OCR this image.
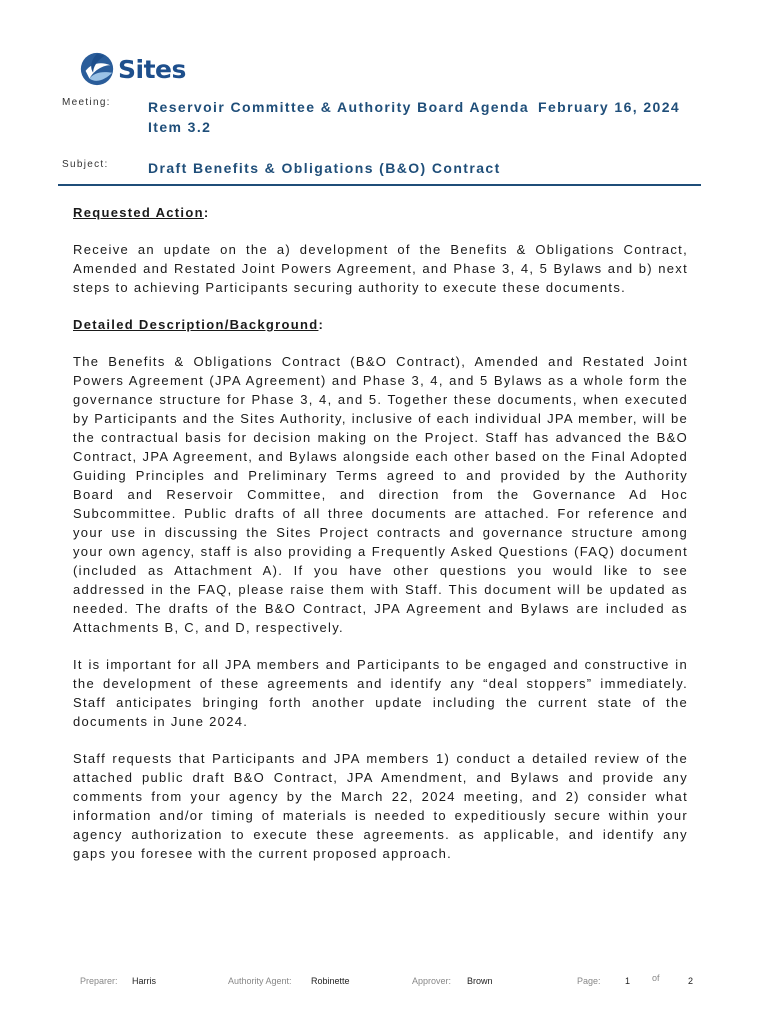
Sites
Meeting:	Reservoir Committee & Authority Board Agenda
Item 3.2
February 16, 2024
Subject:	Draft Benefits & Obligations (B&O) Contract
Requested Action:

Receive an update on the a) development of the Benefits & Obligations Contract, Amended and Restated Joint Powers Agreement, and Phase 3, 4, 5 Bylaws and b) next steps to achieving Participants securing authority to execute these documents.

Detailed Description/Background:

The Benefits & Obligations Contract (B&O Contract), Amended and Restated Joint Powers Agreement (JPA Agreement) and Phase 3, 4, and 5 Bylaws as a whole form the governance structure for Phase 3, 4, and 5. Together these documents, when executed by Participants and the Sites Authority, inclusive of each individual JPA member, will be the contractual basis for decision making on the Project. Staff has advanced the B&O Contract, JPA Agreement, and Bylaws alongside each other based on the Final Adopted Guiding Principles and Preliminary Terms agreed to and provided by the Authority Board and Reservoir Committee, and direction from the Governance Ad Hoc Subcommittee. Public drafts of all three documents are attached. For reference and your use in discussing the Sites Project contracts and governance structure among your own agency, staff is also providing a Frequently Asked Questions (FAQ) document (included as Attachment A). If you have other questions you would like to see addressed in the FAQ, please raise them with Staff. This document will be updated as needed. The drafts of the B&O Contract, JPA Agreement and Bylaws are included as Attachments B, C, and D, respectively.

It is important for all JPA members and Participants to be engaged and constructive in the development of these agreements and identify any “deal stoppers” immediately. Staff anticipates bringing forth another update including the current state of the documents in June 2024.

Staff requests that Participants and JPA members 1) conduct a detailed review of the attached public draft B&O Contract, JPA Amendment, and Bylaws and provide any comments from your agency by the March 22, 2024 meeting, and 2) consider what information and/or timing of materials is needed to expeditiously secure within your agency authorization to execute these agreements. as applicable, and identify any gaps you foresee with the current proposed approach.

Preparer: Harris	Authority Agent: Robinette	Approver: Brown	Page:	1 of	2
